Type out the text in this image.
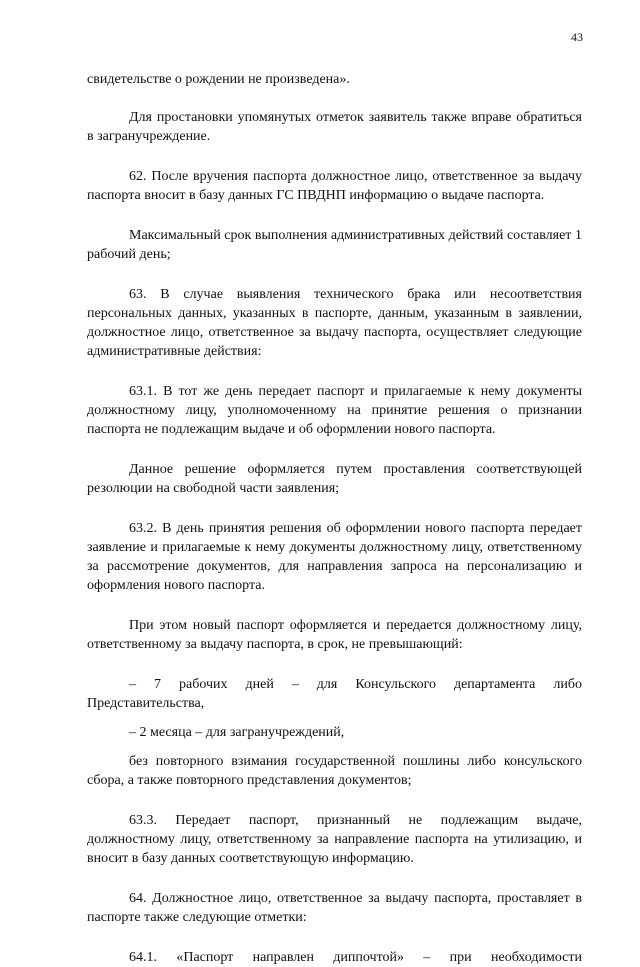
43

свидетельстве о рождении не произведена».

Для простановки упомянутых отметок заявитель также вправе обратиться в загранучреждение.

62. После вручения паспорта должностное лицо, ответственное за выдачу паспорта вносит в базу данных ГС ПВДНП информацию о выдаче паспорта.

Максимальный срок выполнения административных действий составляет 1 рабочий день;

63. В случае выявления технического брака или несоответствия персональных данных, указанных в паспорте, данным, указанным в заявлении, должностное лицо, ответственное за выдачу паспорта, осуществляет следующие административные действия:

63.1. В тот же день передает паспорт и прилагаемые к нему документы должностному лицу, уполномоченному на принятие решения о признании паспорта не подлежащим выдаче и об оформлении нового паспорта.

Данное решение оформляется путем проставления соответствующей резолюции на свободной части заявления;

63.2. В день принятия решения об оформлении нового паспорта передает заявление и прилагаемые к нему документы должностному лицу, ответственному за рассмотрение документов, для направления запроса на персонализацию и оформления нового паспорта.

При этом новый паспорт оформляется и передается должностному лицу, ответственному за выдачу паспорта, в срок, не превышающий:

– 7 рабочих дней – для Консульского департамента либо Представительства,

– 2 месяца – для загранучреждений,

без повторного взимания государственной пошлины либо консульского сбора, а также повторного представления документов;

63.3. Передает паспорт, признанный не подлежащим выдаче, должностному лицу, ответственному за направление паспорта на утилизацию, и вносит в базу данных соответствующую информацию.

64. Должностное лицо, ответственное за выдачу паспорта, проставляет в паспорте также следующие отметки:

64.1. «Паспорт направлен диппочтой» – при необходимости
